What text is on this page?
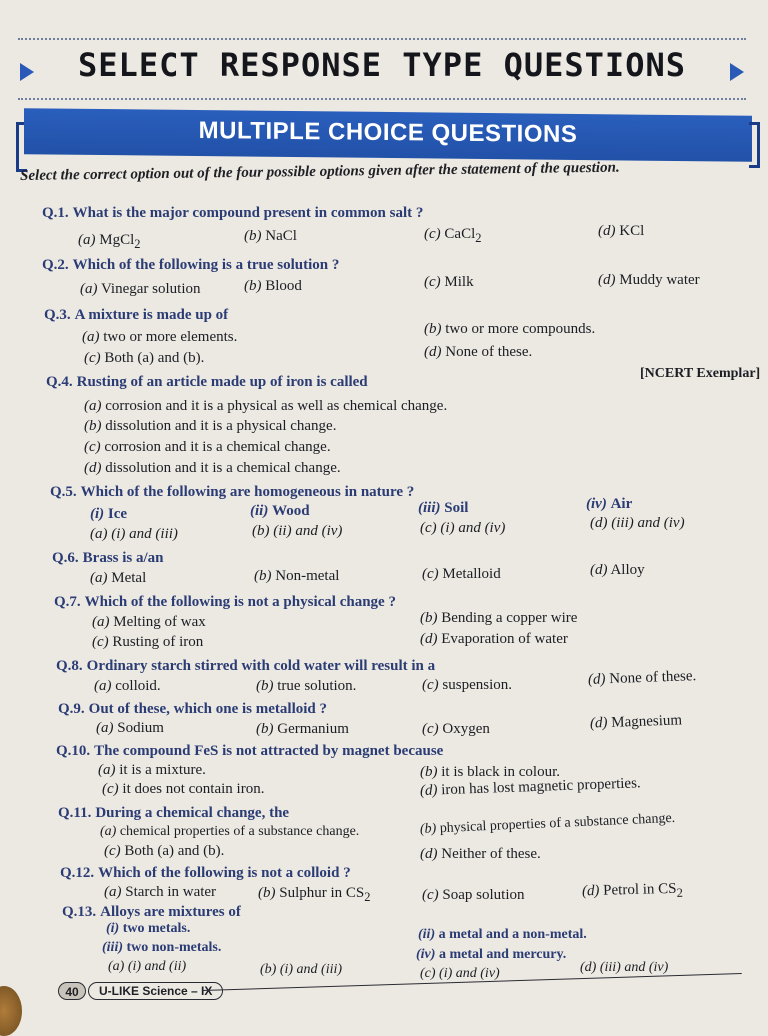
SELECT RESPONSE TYPE QUESTIONS
MULTIPLE CHOICE QUESTIONS
Select the correct option out of the four possible options given after the statement of the question.
Q.1. What is the major compound present in common salt ?
(a) MgCl$_2$	(b) NaCl	(c) CaCl$_2$	(d) KCl
Q.2. Which of the following is a true solution ?
(a) Vinegar solution	(b) Blood	(c) Milk	(d) Muddy water
Q.3. A mixture is made up of
(a) two or more elements.	(b) two or more compounds.
(c) Both (a) and (b).	(d) None of these.
Q.4. Rusting of an article made up of iron is called
[NCERT Exemplar]
(a) corrosion and it is a physical as well as chemical change.
(b) dissolution and it is a physical change.
(c) corrosion and it is a chemical change.
(d) dissolution and it is a chemical change.
Q.5. Which of the following are homogeneous in nature ?
(i) Ice	(ii) Wood	(iii) Soil	(iv) Air
(a) (i) and (iii)	(b) (ii) and (iv)	(c) (i) and (iv)	(d) (iii) and (iv)
Q.6. Brass is a/an
(a) Metal	(b) Non-metal	(c) Metalloid	(d) Alloy
Q.7. Which of the following is not a physical change ?
(a) Melting of wax	(b) Bending a copper wire
(c) Rusting of iron	(d) Evaporation of water
Q.8. Ordinary starch stirred with cold water will result in a
(a) colloid.	(b) true solution.	(c) suspension.	(d) None of these.
Q.9. Out of these, which one is metalloid ?
(a) Sodium	(b) Germanium	(c) Oxygen	(d) Magnesium
Q.10. The compound FeS is not attracted by magnet because
(a) it is a mixture.	(b) it is black in colour.
(c) it does not contain iron.	(d) iron has lost magnetic properties.
Q.11. During a chemical change, the
(a) chemical properties of a substance change.	(b) physical properties of a substance change.
(c) Both (a) and (b).	(d) Neither of these.
Q.12. Which of the following is not a colloid ?
(a) Starch in water	(b) Sulphur in $CS_2$	(c) Soap solution	(d) Petrol in $CS_2$
Q.13. Alloys are mixtures of
(i) two metals.	(ii) a metal and a non-metal.
(iii) two non-metals.	(iv) a metal and mercury.
(a) (i) and (ii)	(b) (i) and (iii)	(c) (i) and (iv)	(d) (iii) and (iv)
40	U-LIKE Science – IX
